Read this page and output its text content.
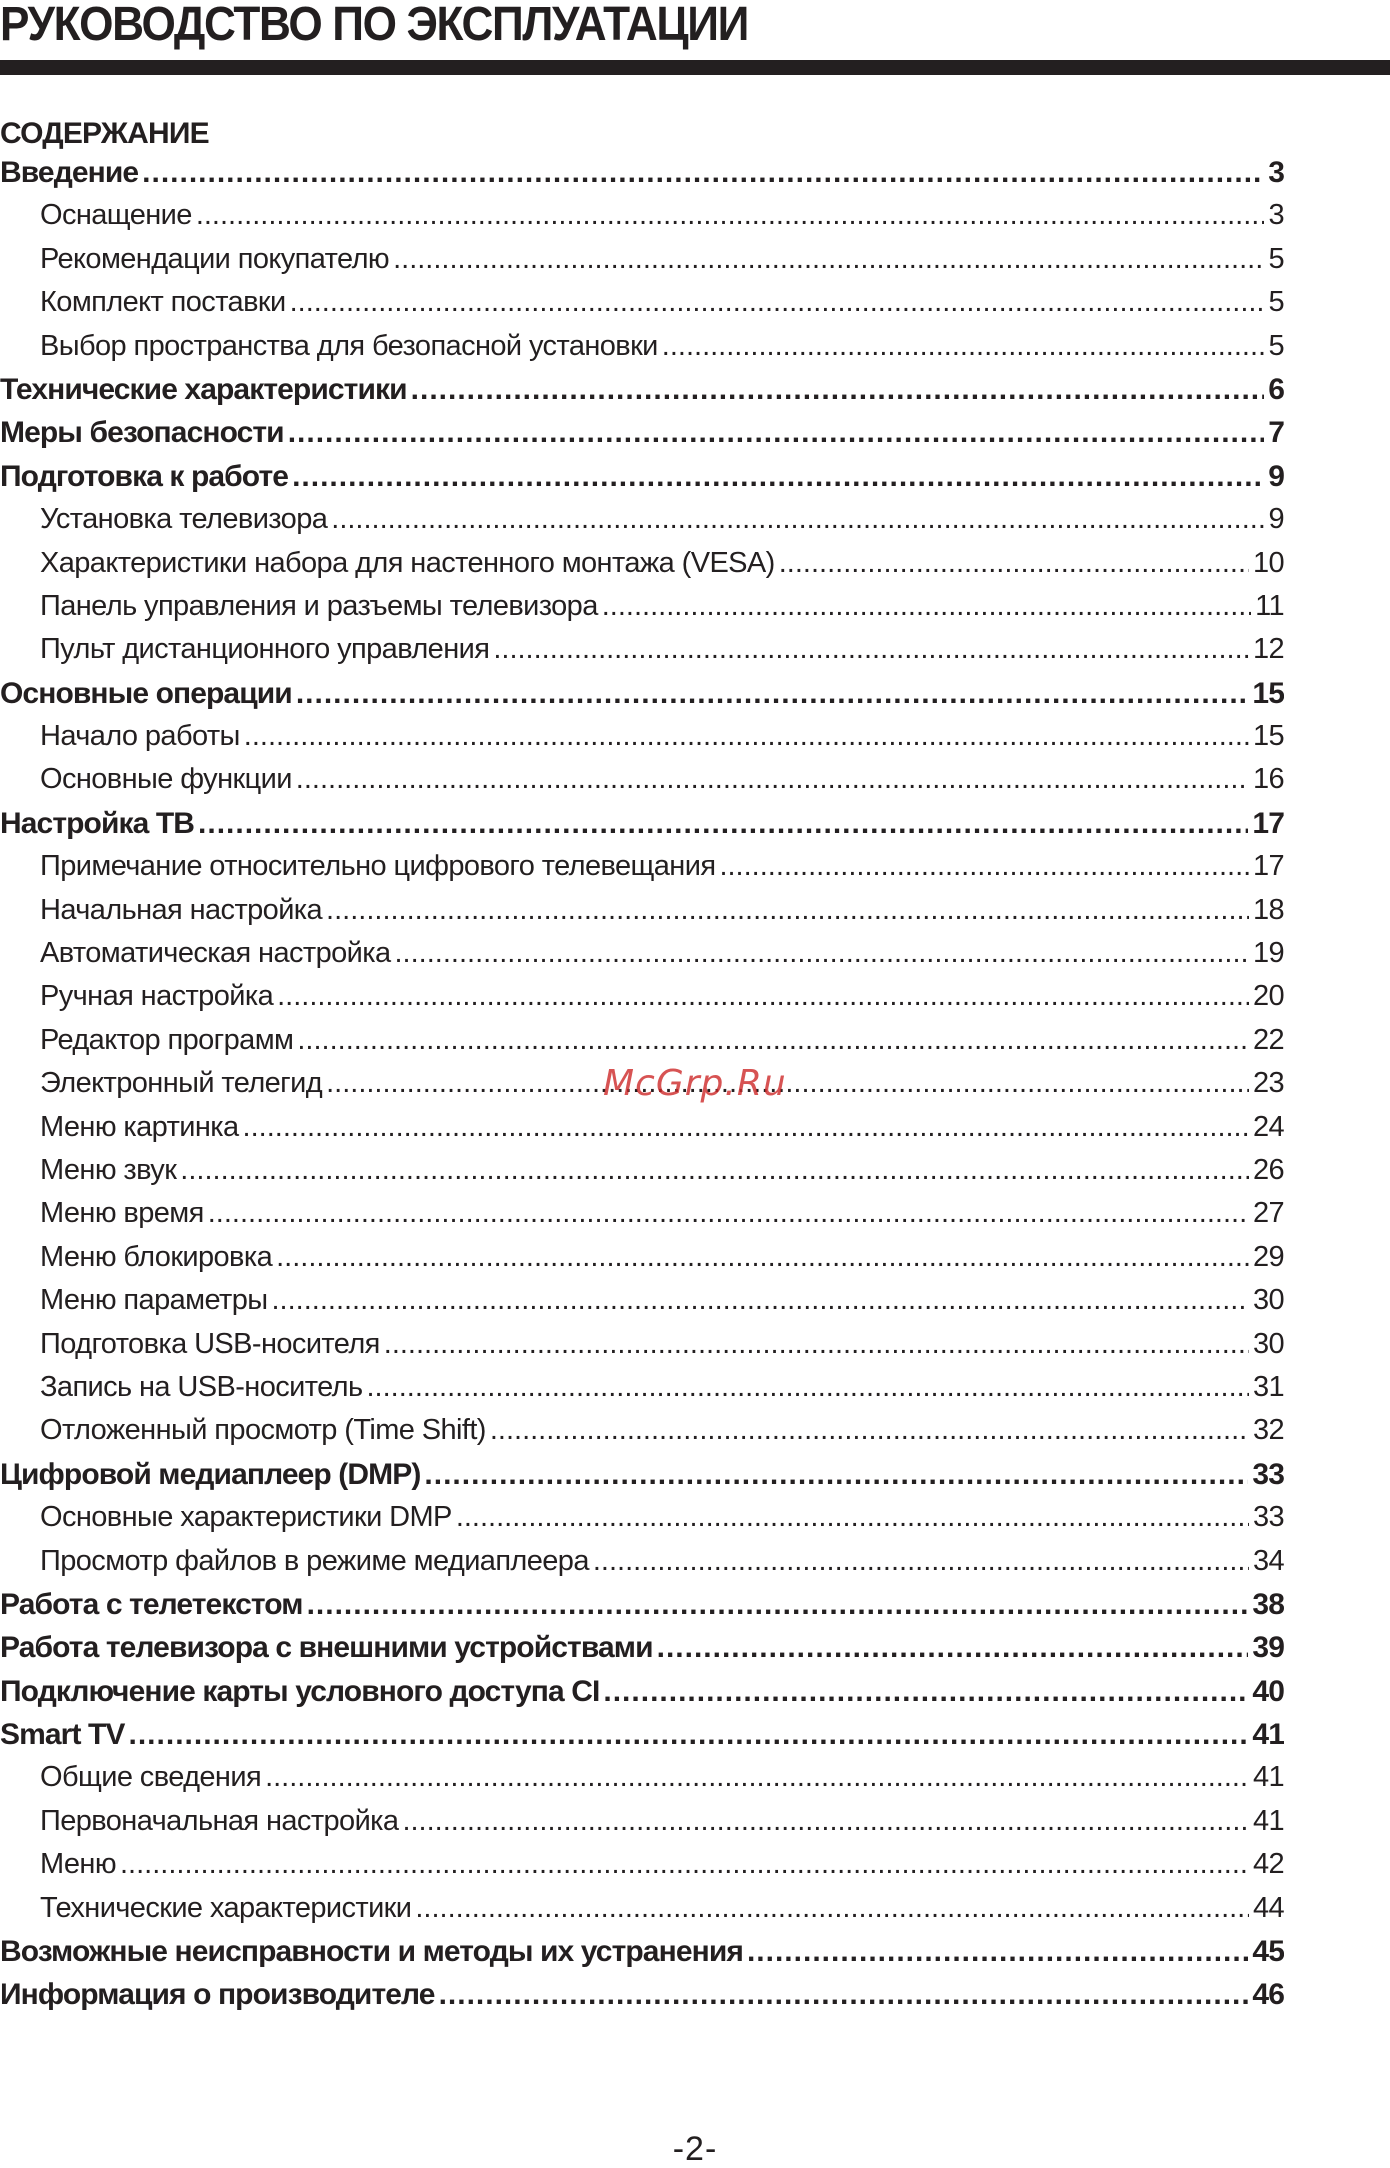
РУКОВОДСТВО ПО ЭКСПЛУАТАЦИИ
СОДЕРЖАНИЕ
Введение .....	3
Оснащение .....	3
Рекомендации покупателю .....	5
Комплект поставки .....	5
Выбор пространства для безопасной установки .....	5
Технические характеристики .....	6
Меры безопасности .....	7
Подготовка к работе .....	9
Установка телевизора .....	9
Характеристики набора для настенного монтажа (VESA) .....	10
Панель управления и разъемы телевизора .....	11
Пульт дистанционного управления .....	12
Основные операции .....	15
Начало работы .....	15
Основные функции .....	16
Настройка ТВ .....	17
Примечание относительно цифрового телевещания .....	17
Начальная настройка .....	18
Автоматическая настройка .....	19
Ручная настройка .....	20
Редактор программ .....	22
Электронный телегид .....	23
Меню картинка .....	24
Меню звук .....	26
Меню время .....	27
Меню блокировка .....	29
Меню параметры .....	30
Подготовка USB-носителя .....	30
Запись на USB-носитель .....	31
Отложенный просмотр (Time Shift) .....	32
Цифровой медиаплеер (DMP) .....	33
Основные характеристики DMP .....	33
Просмотр файлов в режиме медиаплеера .....	34
Работа с телетекстом .....	38
Работа телевизора с внешними устройствами .....	39
Подключение карты условного доступа CI .....	40
Smart TV .....	41
Общие сведения .....	41
Первоначальная настройка .....	41
Меню .....	42
Технические характеристики .....	44
Возможные неисправности и методы их устранения .....	45
Информация о производителе .....	46
McGrp.Ru
-2-
